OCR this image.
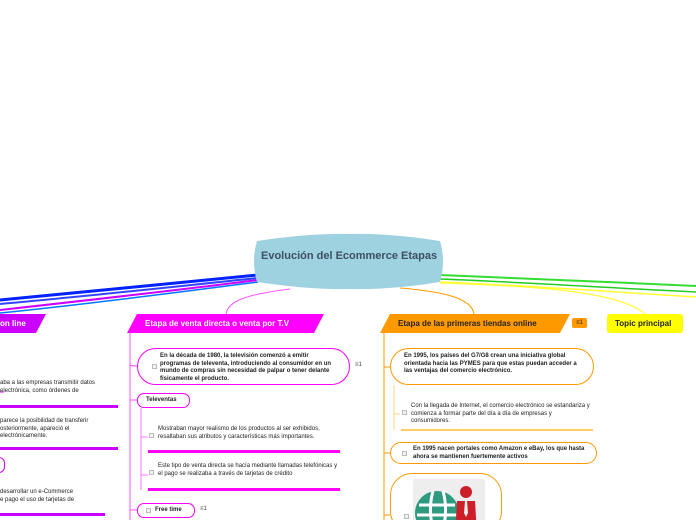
Evolución del Ecommerce Etapas
on line
aba a las empresas transmitir datos
electrónica, como órdenes de
parece la posibilidad de transferir
osteriormente, apareció el
electrónicamente.
desarrollar un e-Commerce
e pago el uso de tarjetas de
Etapa de venta directa o venta por T.V
En la década de 1980, la televisión comenzó a emitir programas de televenta, introduciendo al consumidor en un mundo de compras sin necesidad de palpar o tener delante fisicamente el producto.
≡1
Televentas
Mostraban mayor realismo de los productos al ser exhibidos, resaltaban sus atributos y características más importantes.
Este tipo de venta directa se hacía mediante llamadas telefónicas y el pago se realizaba a través de tarjetas de crédito
Free time	≡1
Etapa de las primeras tiendas online	≡1
En 1995, los países del G7/G8 crean una iniciativa global orientada hacia las PYMES para que estas puedan acceder a las ventajas del comercio electrónico.
Con la llegada de Internet, el comercio electrónico se estandariza y comienza a formar parte del día a día de empresas y consumidores.
En 1995 nacen portales como Amazon e eBay, los que hasta ahora se mantienen fuertemente activos
Topic principal
